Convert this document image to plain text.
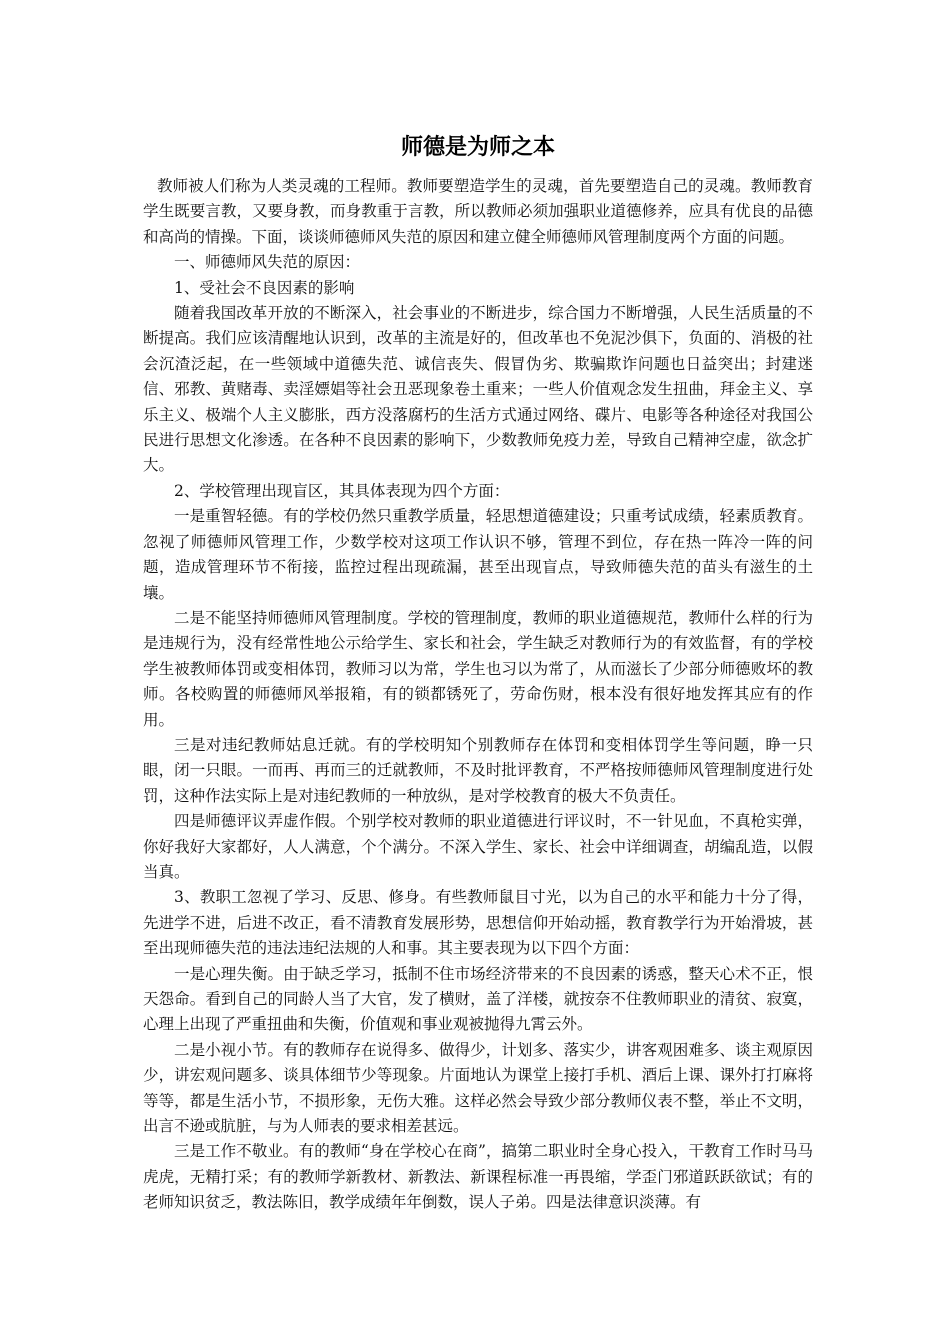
师德是为师之本

教师被人们称为人类灵魂的工程师。教师要塑造学生的灵魂，首先要塑造自己的灵魂。教师教育学生既要言教，又要身教，而身教重于言教，所以教师必须加强职业道德修养，应具有优良的品德和高尚的情操。下面，谈谈师德师风失范的原因和建立健全师德师风管理制度两个方面的问题。

一、师德师风失范的原因：

1、受社会不良因素的影响

随着我国改革开放的不断深入，社会事业的不断进步，综合国力不断增强，人民生活质量的不断提高。我们应该清醒地认识到，改革的主流是好的，但改革也不免泥沙俱下，负面的、消极的社会沉渣泛起，在一些领域中道德失范、诚信丧失、假冒伪劣、欺骗欺诈问题也日益突出；封建迷信、邪教、黄赌毒、卖淫嫖娼等社会丑恶现象卷土重来；一些人价值观念发生扭曲，拜金主义、享乐主义、极端个人主义膨胀，西方没落腐朽的生活方式通过网络、碟片、电影等各种途径对我国公民进行思想文化渗透。在各种不良因素的影响下，少数教师免疫力差，导致自己精神空虚，欲念扩大。

2、学校管理出现盲区，其具体表现为四个方面：

一是重智轻德。有的学校仍然只重教学质量，轻思想道德建设；只重考试成绩，轻素质教育。忽视了师德师风管理工作，少数学校对这项工作认识不够，管理不到位，存在热一阵冷一阵的问题，造成管理环节不衔接，监控过程出现疏漏，甚至出现盲点，导致师德失范的苗头有滋生的土壤。

二是不能坚持师德师风管理制度。学校的管理制度，教师的职业道德规范，教师什么样的行为是违规行为，没有经常性地公示给学生、家长和社会，学生缺乏对教师行为的有效监督，有的学校学生被教师体罚或变相体罚，教师习以为常，学生也习以为常了，从而滋长了少部分师德败坏的教师。各校购置的师德师风举报箱，有的锁都锈死了，劳命伤财，根本没有很好地发挥其应有的作用。

三是对违纪教师姑息迁就。有的学校明知个别教师存在体罚和变相体罚学生等问题，睁一只眼，闭一只眼。一而再、再而三的迁就教师，不及时批评教育，不严格按师德师风管理制度进行处罚，这种作法实际上是对违纪教师的一种放纵，是对学校教育的极大不负责任。

四是师德评议弄虚作假。个别学校对教师的职业道德进行评议时，不一针见血，不真枪实弹，你好我好大家都好，人人满意，个个满分。不深入学生、家长、社会中详细调查，胡编乱造，以假当真。

3、教职工忽视了学习、反思、修身。有些教师鼠目寸光，以为自己的水平和能力十分了得，先进学不进，后进不改正，看不清教育发展形势，思想信仰开始动摇，教育教学行为开始滑坡，甚至出现师德失范的违法违纪法规的人和事。其主要表现为以下四个方面：

一是心理失衡。由于缺乏学习，抵制不住市场经济带来的不良因素的诱惑，整天心术不正，恨天怨命。看到自己的同龄人当了大官，发了横财，盖了洋楼，就按奈不住教师职业的清贫、寂寞，心理上出现了严重扭曲和失衡，价值观和事业观被抛得九霄云外。

二是小视小节。有的教师存在说得多、做得少，计划多、落实少，讲客观困难多、谈主观原因少，讲宏观问题多、谈具体细节少等现象。片面地认为课堂上接打手机、酒后上课、课外打打麻将等等，都是生活小节，不损形象，无伤大雅。这样必然会导致少部分教师仪表不整，举止不文明，出言不逊或肮脏，与为人师表的要求相差甚远。

三是工作不敬业。有的教师“身在学校心在商”，搞第二职业时全身心投入，干教育工作时马马虎虎，无精打采；有的教师学新教材、新教法、新课程标准一再畏缩，学歪门邪道跃跃欲试；有的老师知识贫乏，教法陈旧，教学成绩年年倒数，误人子弟。四是法律意识淡薄。有
